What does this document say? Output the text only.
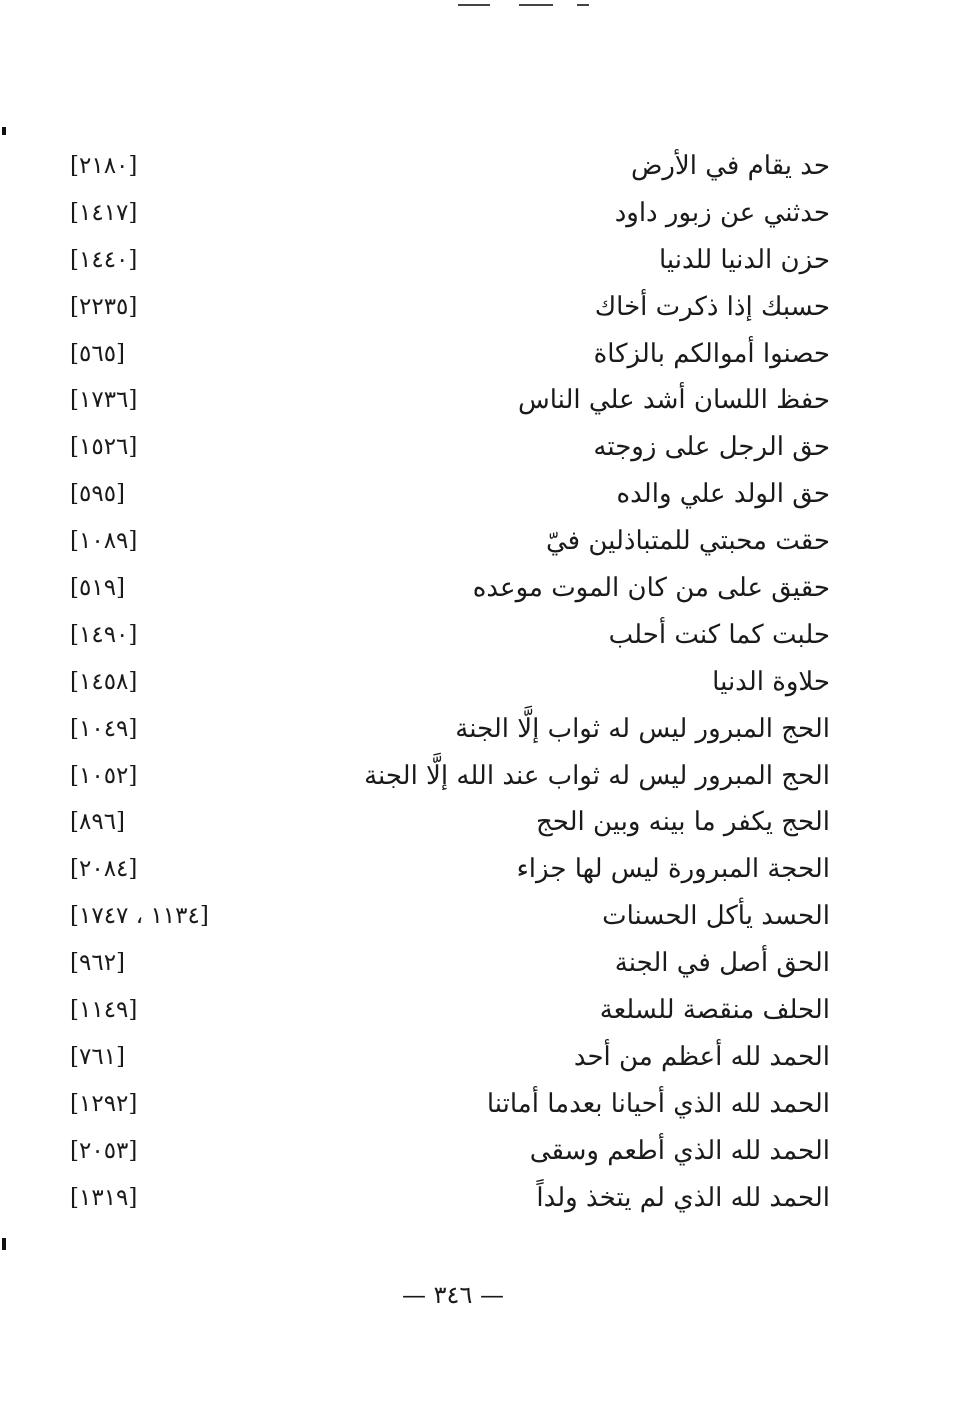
حد يقام في الأرض
[٢١٨٠]
حدثني عن زبور داود
[١٤١٧]
حزن الدنيا للدنيا
[١٤٤٠]
حسبك إذا ذكرت أخاك
[٢٢٣٥]
حصنوا أموالكم بالزكاة
[٥٦٥]
حفظ اللسان أشد علي الناس
[١٧٣٦]
حق الرجل على زوجته
[١٥٢٦]
حق الولد علي والده
[٥٩٥]
حقت محبتي للمتباذلين فيّ
[١٠٨٩]
حقيق على من كان الموت موعده
[٥١٩]
حلبت كما كنت أحلب
[١٤٩٠]
حلاوة الدنيا
[١٤٥٨]
الحج المبرور ليس له ثواب إلَّا الجنة
[١٠٤٩]
الحج المبرور ليس له ثواب عند الله إلَّا الجنة
[١٠٥٢]
الحج يكفر ما بينه وبين الحج
[٨٩٦]
الحجة المبرورة ليس لها جزاء
[٢٠٨٤]
الحسد يأكل الحسنات
[١١٣٤ ، ١٧٤٧]
الحق أصل في الجنة
[٩٦٢]
الحلف منقصة للسلعة
[١١٤٩]
الحمد لله أعظم من أحد
[٧٦١]
الحمد لله الذي أحيانا بعدما أماتنا
[١٢٩٢]
الحمد لله الذي أطعم وسقى
[٢٠٥٣]
الحمد لله الذي لم يتخذ ولداً
[١٣١٩]
— ٣٤٦ —
